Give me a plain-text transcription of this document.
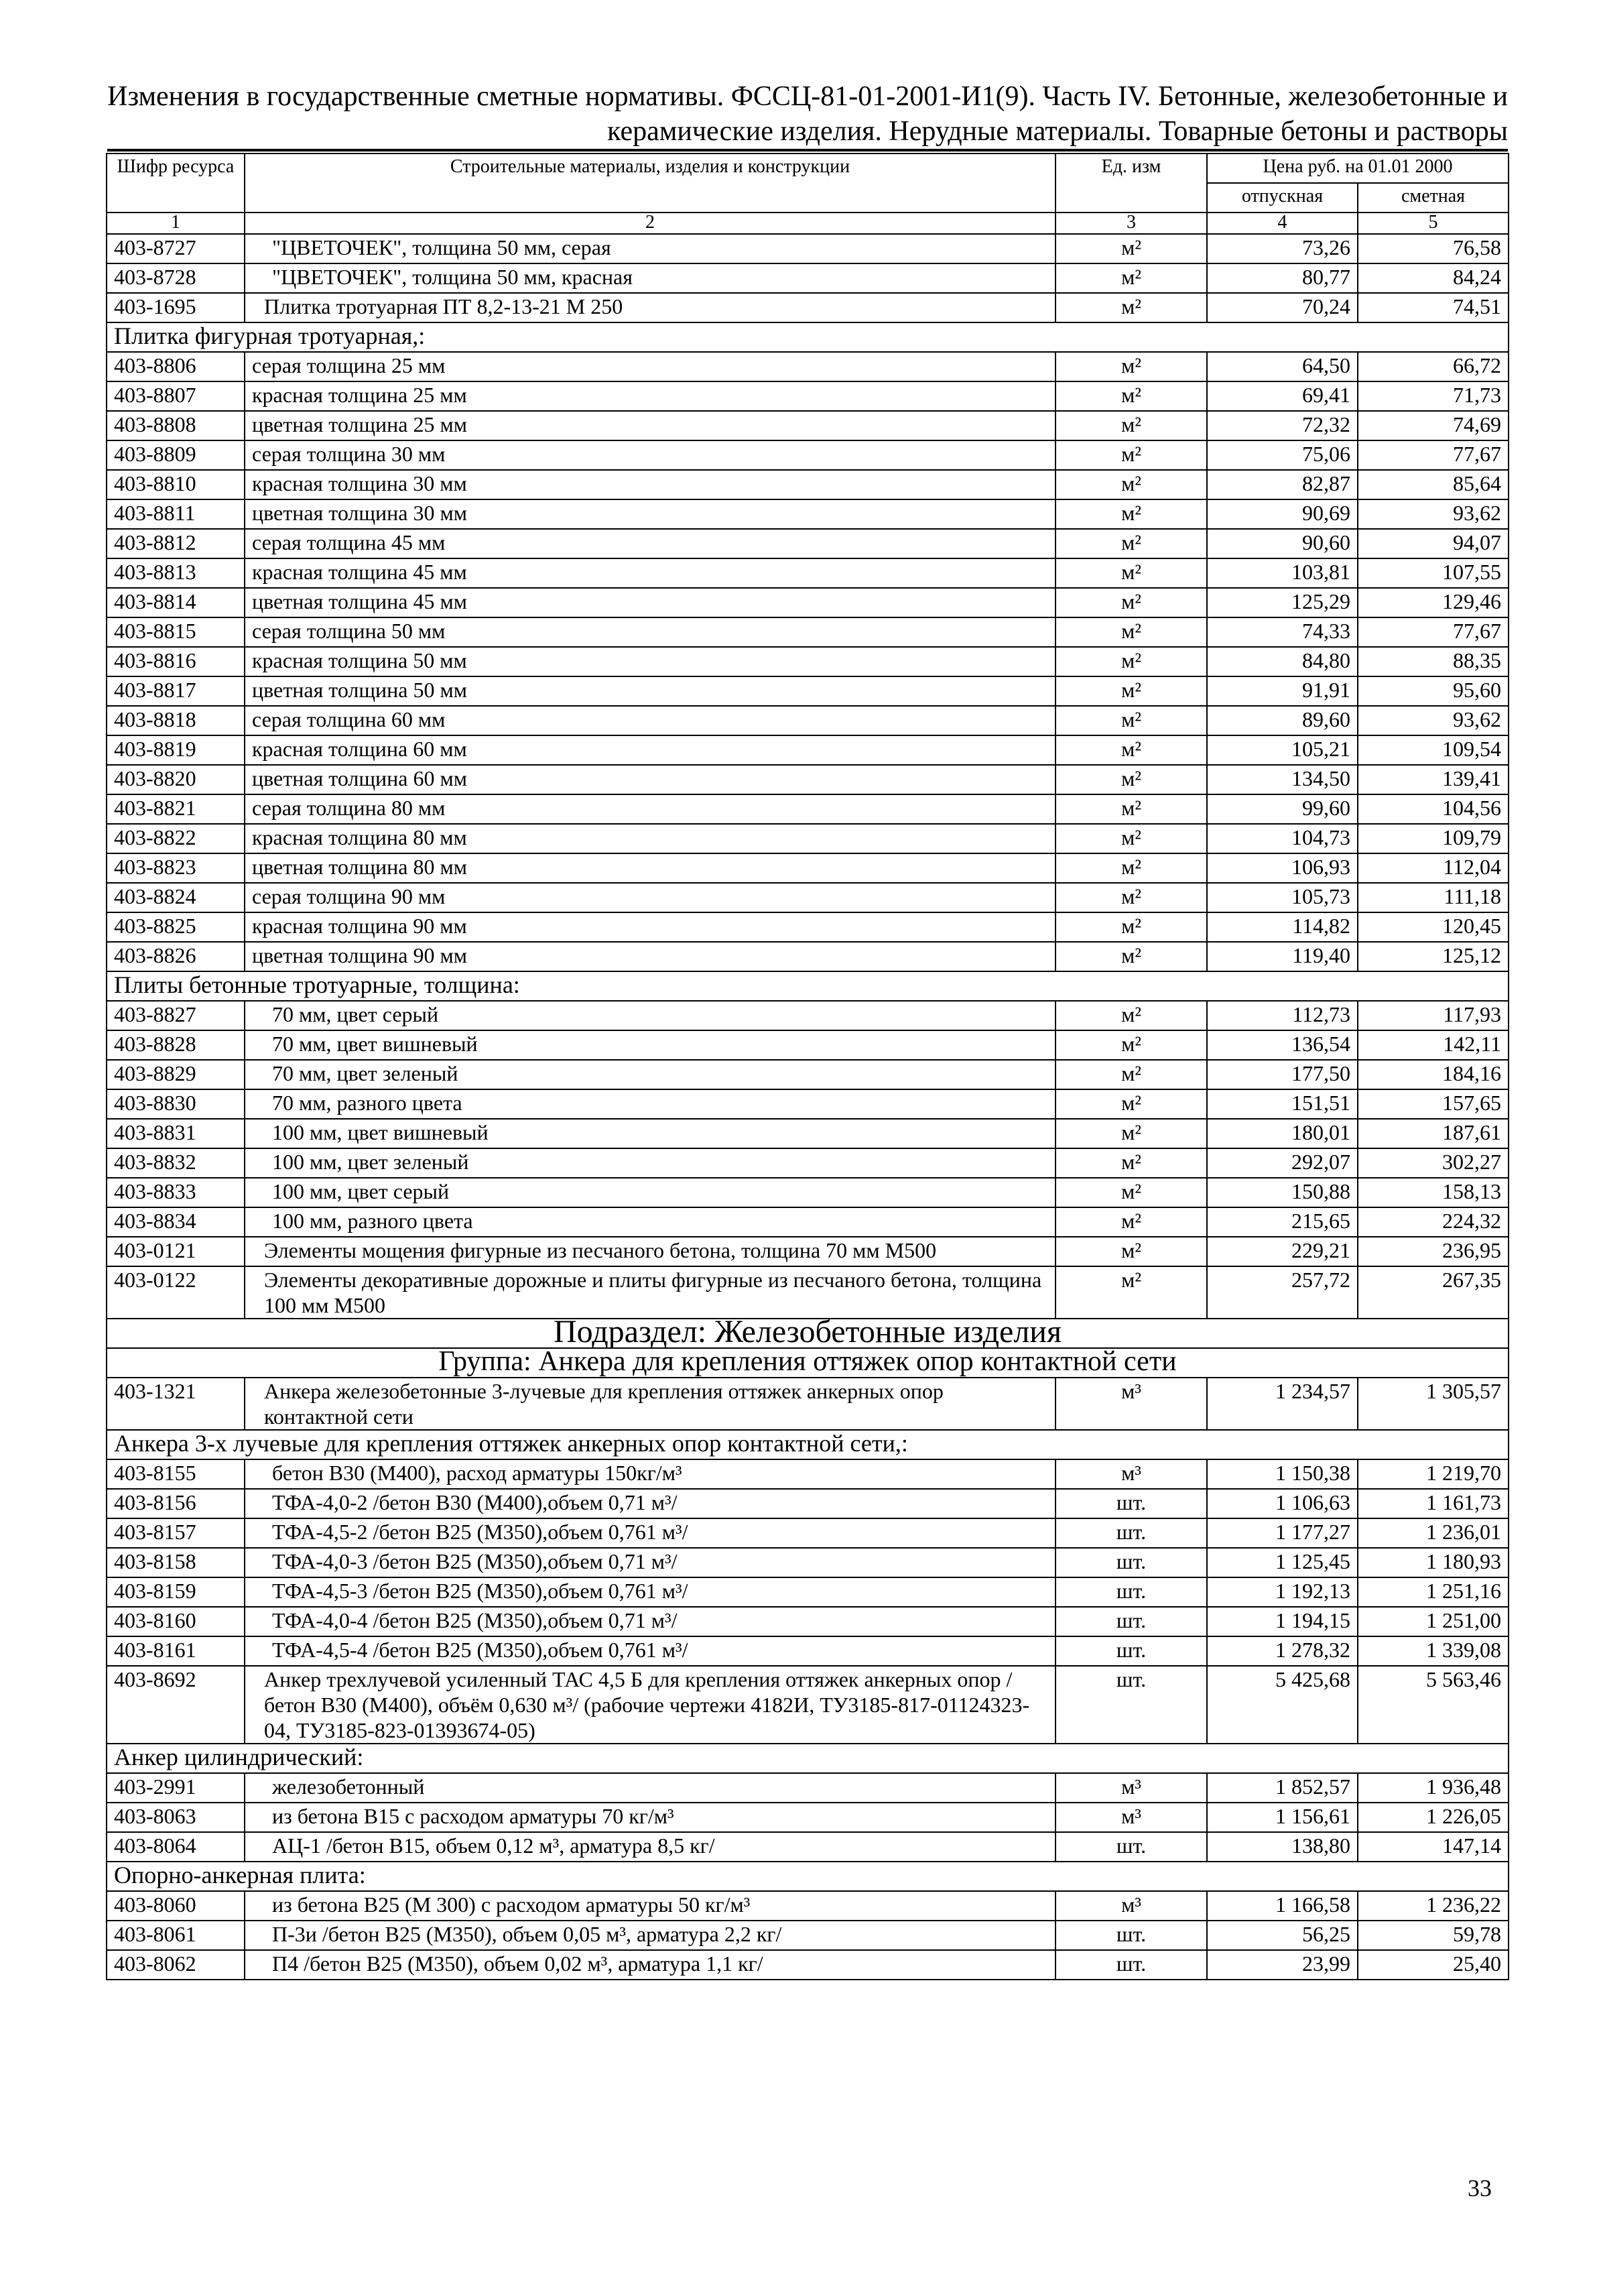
Изменения в государственные сметные нормативы. ФССЦ-81-01-2001-И1(9). Часть IV. Бетонные, железобетонные и
керамические изделия. Нерудные материалы. Товарные бетоны и растворы
Шифр ресурса	Строительные материалы, изделия и конструкции	Ед. изм	Цена руб. на 01.01 2000	
			отпускная	сметная
1	2	3	4	5
403-8727	"ЦВЕТОЧЕК", толщина 50 мм, серая	м²	73,26	76,58
403-8728	"ЦВЕТОЧЕК", толщина 50 мм, красная	м²	80,77	84,24
403-1695	Плитка тротуарная ПТ 8,2-13-21 М 250	м²	70,24	74,51
Плитка фигурная тротуарная,:				
403-8806	серая толщина 25 мм	м²	64,50	66,72
403-8807	красная толщина 25 мм	м²	69,41	71,73
403-8808	цветная толщина 25 мм	м²	72,32	74,69
403-8809	серая толщина 30 мм	м²	75,06	77,67
403-8810	красная толщина 30 мм	м²	82,87	85,64
403-8811	цветная толщина 30 мм	м²	90,69	93,62
403-8812	серая толщина 45 мм	м²	90,60	94,07
403-8813	красная толщина 45 мм	м²	103,81	107,55
403-8814	цветная толщина 45 мм	м²	125,29	129,46
403-8815	серая толщина 50 мм	м²	74,33	77,67
403-8816	красная толщина 50 мм	м²	84,80	88,35
403-8817	цветная толщина 50 мм	м²	91,91	95,60
403-8818	серая толщина 60 мм	м²	89,60	93,62
403-8819	красная толщина 60 мм	м²	105,21	109,54
403-8820	цветная толщина 60 мм	м²	134,50	139,41
403-8821	серая толщина 80 мм	м²	99,60	104,56
403-8822	красная толщина 80 мм	м²	104,73	109,79
403-8823	цветная толщина 80 мм	м²	106,93	112,04
403-8824	серая толщина 90 мм	м²	105,73	111,18
403-8825	красная толщина 90 мм	м²	114,82	120,45
403-8826	цветная толщина 90 мм	м²	119,40	125,12
Плиты бетонные тротуарные, толщина:				
403-8827	70 мм, цвет серый	м²	112,73	117,93
403-8828	70 мм, цвет вишневый	м²	136,54	142,11
403-8829	70 мм, цвет зеленый	м²	177,50	184,16
403-8830	70 мм, разного цвета	м²	151,51	157,65
403-8831	100 мм, цвет вишневый	м²	180,01	187,61
403-8832	100 мм, цвет зеленый	м²	292,07	302,27
403-8833	100 мм, цвет серый	м²	150,88	158,13
403-8834	100 мм, разного цвета	м²	215,65	224,32
403-0121	Элементы мощения фигурные из песчаного бетона, толщина 70 мм М500	м²	229,21	236,95
403-0122	Элементы декоративные дорожные и плиты фигурные из песчаного бетона, толщина 100 мм М500	м²	257,72	267,35
Подраздел: Железобетонные изделия				
Группа: Анкера для крепления оттяжек опор контактной сети				
403-1321	Анкера железобетонные 3-лучевые для крепления оттяжек анкерных опор контактной сети	м³	1 234,57	1 305,57
Анкера 3-х лучевые для крепления оттяжек анкерных опор контактной сети,:				
403-8155	бетон В30 (М400), расход арматуры 150кг/м³	м³	1 150,38	1 219,70
403-8156	ТФА-4,0-2 /бетон В30 (М400),объем 0,71 м³/	шт.	1 106,63	1 161,73
403-8157	ТФА-4,5-2 /бетон В25 (М350),объем 0,761 м³/	шт.	1 177,27	1 236,01
403-8158	ТФА-4,0-3 /бетон В25 (М350),объем 0,71 м³/	шт.	1 125,45	1 180,93
403-8159	ТФА-4,5-3 /бетон В25 (М350),объем 0,761 м³/	шт.	1 192,13	1 251,16
403-8160	ТФА-4,0-4 /бетон В25 (М350),объем 0,71 м³/	шт.	1 194,15	1 251,00
403-8161	ТФА-4,5-4 /бетон В25 (М350),объем 0,761 м³/	шт.	1 278,32	1 339,08
403-8692	Анкер трехлучевой усиленный ТАС 4,5 Б для крепления оттяжек анкерных опор /бетон В30 (М400), объём 0,630 м³/ (рабочие чертежи 4182И, ТУ3185-817-01124323-04, ТУ3185-823-01393674-05)	шт.	5 425,68	5 563,46
Анкер цилиндрический:				
403-2991	железобетонный	м³	1 852,57	1 936,48
403-8063	из бетона В15 с расходом арматуры 70 кг/м³	м³	1 156,61	1 226,05
403-8064	АЦ-1 /бетон В15, объем 0,12 м³, арматура 8,5 кг/	шт.	138,80	147,14
Опорно-анкерная плита:				
403-8060	из бетона В25 (М 300) с расходом арматуры 50 кг/м³	м³	1 166,58	1 236,22
403-8061	П-3и /бетон В25 (М350), объем 0,05 м³, арматура 2,2 кг/	шт.	56,25	59,78
403-8062	П4 /бетон В25 (М350), объем 0,02 м³, арматура 1,1 кг/	шт.	23,99	25,40
33
